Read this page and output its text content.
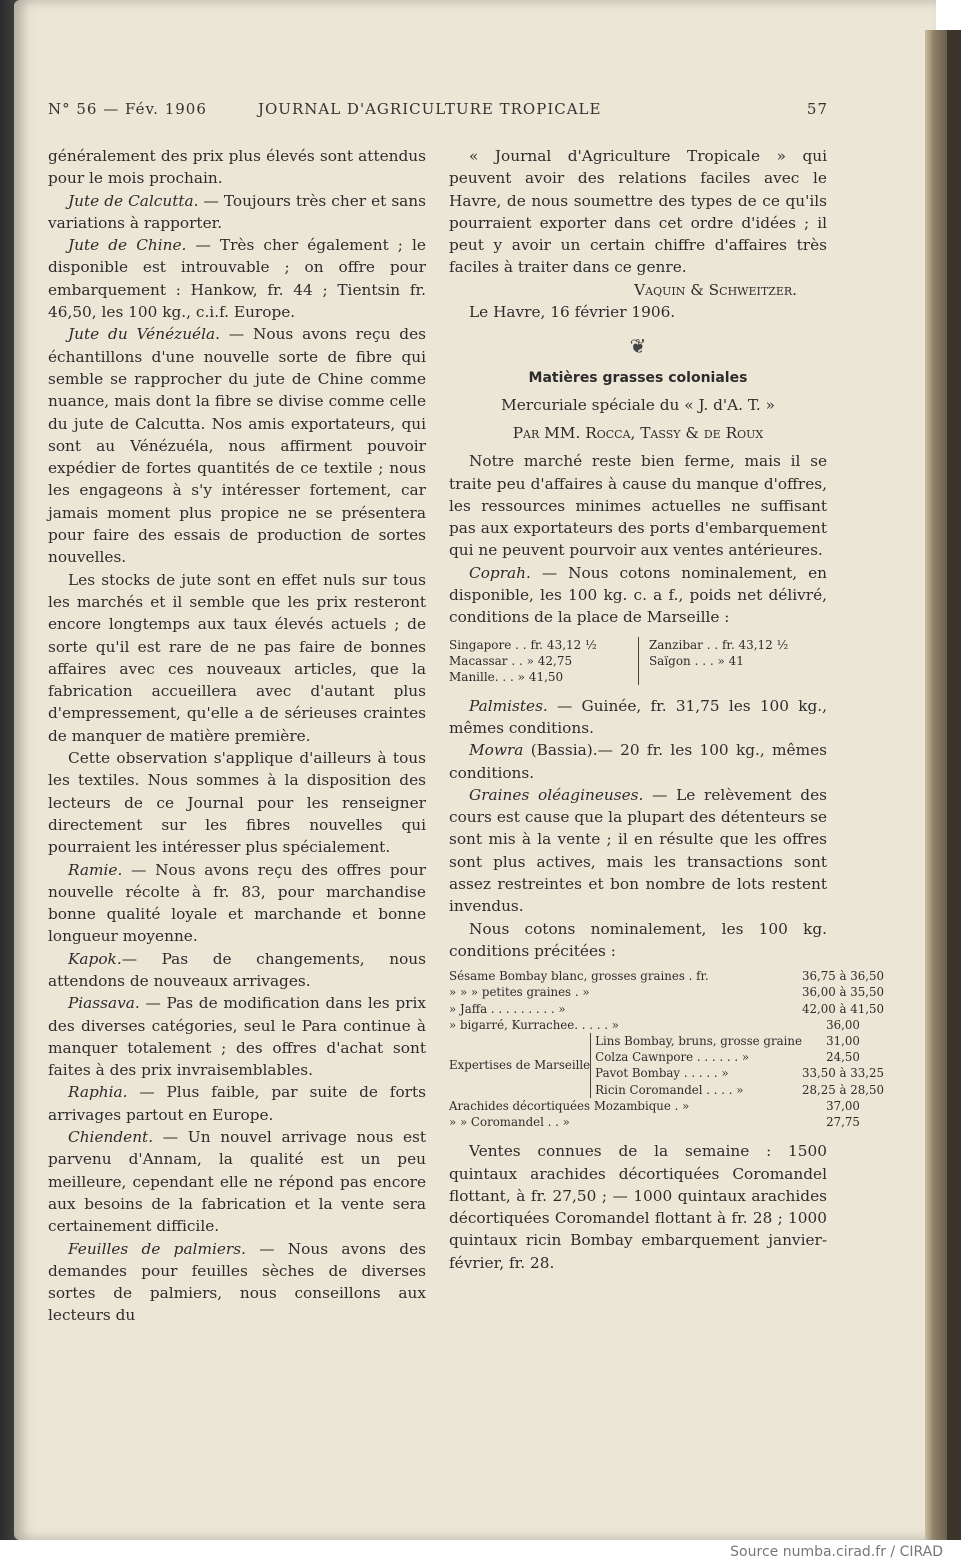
N° 56 — Fév. 1906	JOURNAL D'AGRICULTURE TROPICALE	57

généralement des prix plus élevés sont attendus pour le mois prochain.

Jute de Calcutta. — Toujours très cher et sans variations à rapporter.

Jute de Chine. — Très cher également ; le disponible est introuvable ; on offre pour embarquement : Hankow, fr. 44 ; Tientsin fr. 46,50, les 100 kg., c.i.f. Europe.

Jute du Vénézuéla. — Nous avons reçu des échantillons d'une nouvelle sorte de fibre qui semble se rapprocher du jute de Chine comme nuance, mais dont la fibre se divise comme celle du jute de Calcutta. Nos amis exportateurs, qui sont au Vénézuéla, nous affirment pouvoir expédier de fortes quantités de ce textile ; nous les engageons à s'y intéresser fortement, car jamais moment plus propice ne se présentera pour faire des essais de production de sortes nouvelles.

Les stocks de jute sont en effet nuls sur tous les marchés et il semble que les prix resteront encore longtemps aux taux élevés actuels ; de sorte qu'il est rare de ne pas faire de bonnes affaires avec ces nouveaux articles, que la fabrication accueillera avec d'autant plus d'empressement, qu'elle a de sérieuses craintes de manquer de matière première.

Cette observation s'applique d'ailleurs à tous les textiles. Nous sommes à la disposition des lecteurs de ce Journal pour les renseigner directement sur les fibres nouvelles qui pourraient les intéresser plus spécialement.

Ramie. — Nous avons reçu des offres pour nouvelle récolte à fr. 83, pour marchandise bonne qualité loyale et marchande et bonne longueur moyenne.

Kapok.— Pas de changements, nous attendons de nouveaux arrivages.

Piassava. — Pas de modification dans les prix des diverses catégories, seul le Para continue à manquer totalement ; des offres d'achat sont faites à des prix invraisemblables.

Raphia. — Plus faible, par suite de forts arrivages partout en Europe.

Chiendent. — Un nouvel arrivage nous est parvenu d'Annam, la qualité est un peu meilleure, cependant elle ne répond pas encore aux besoins de la fabrication et la vente sera certainement difficile.

Feuilles de palmiers. — Nous avons des demandes pour feuilles sèches de diverses sortes de palmiers, nous conseillons aux lecteurs du

« Journal d'Agriculture Tropicale » qui peuvent avoir des relations faciles avec le Havre, de nous soumettre des types de ce qu'ils pourraient exporter dans cet ordre d'idées ; il peut y avoir un certain chiffre d'affaires très faciles à traiter dans ce genre.

Vaquin & Schweitzer.

Le Havre, 16 février 1906.

❦
Matières grasses coloniales
Mercuriale spéciale du « J. d'A. T. »
Par MM. Rocca, Tassy & de Roux

Notre marché reste bien ferme, mais il se traite peu d'affaires à cause du manque d'offres, les ressources minimes actuelles ne suffisant pas aux exportateurs des ports d'embarquement qui ne peuvent pourvoir aux ventes antérieures.

Coprah. — Nous cotons nominalement, en disponible, les 100 kg. c. a f., poids net délivré, conditions de la place de Marseille :

Singapore . . fr. 43,12 ½		Zanzibar . . fr. 43,12 ½
Macassar . . » 42,75		Saïgon . . . » 41
Manille. . . » 41,50		

Palmistes. — Guinée, fr. 31,75 les 100 kg., mêmes conditions.

Mowra (Bassia).— 20 fr. les 100 kg., mêmes conditions.

Graines oléagineuses. — Le relèvement des cours est cause que la plupart des détenteurs se sont mis à la vente ; il en résulte que les offres sont plus actives, mais les transactions sont assez restreintes et bon nombre de lots restent invendus.

Nous cotons nominalement, les 100 kg. conditions précitées :

Sésame Bombay blanc, grosses graines . fr.		36,75 à 36,50
» » » petites graines . »		36,00 à 35,50
» Jaffa . . . . . . . . . »		42,00 à 41,50
» bigarré, Kurrachee. . . . . »		36,00
Expertises de Marseille	Lins Bombay, bruns, grosse graine	31,00
	Colza Cawnpore . . . . . . »	24,50
	Pavot Bombay . . . . . »	33,50 à 33,25
	Ricin Coromandel . . . . »	28,25 à 28,50
Arachides décortiquées Mozambique . »		37,00
» » Coromandel . . »		27,75

Ventes connues de la semaine : 1500 quintaux arachides décortiquées Coromandel flottant, à fr. 27,50 ; — 1000 quintaux arachides décortiquées Coromandel flottant à fr. 28 ; 1000 quintaux ricin Bombay embarquement janvier-février, fr. 28.

Source numba.cirad.fr / CIRAD
